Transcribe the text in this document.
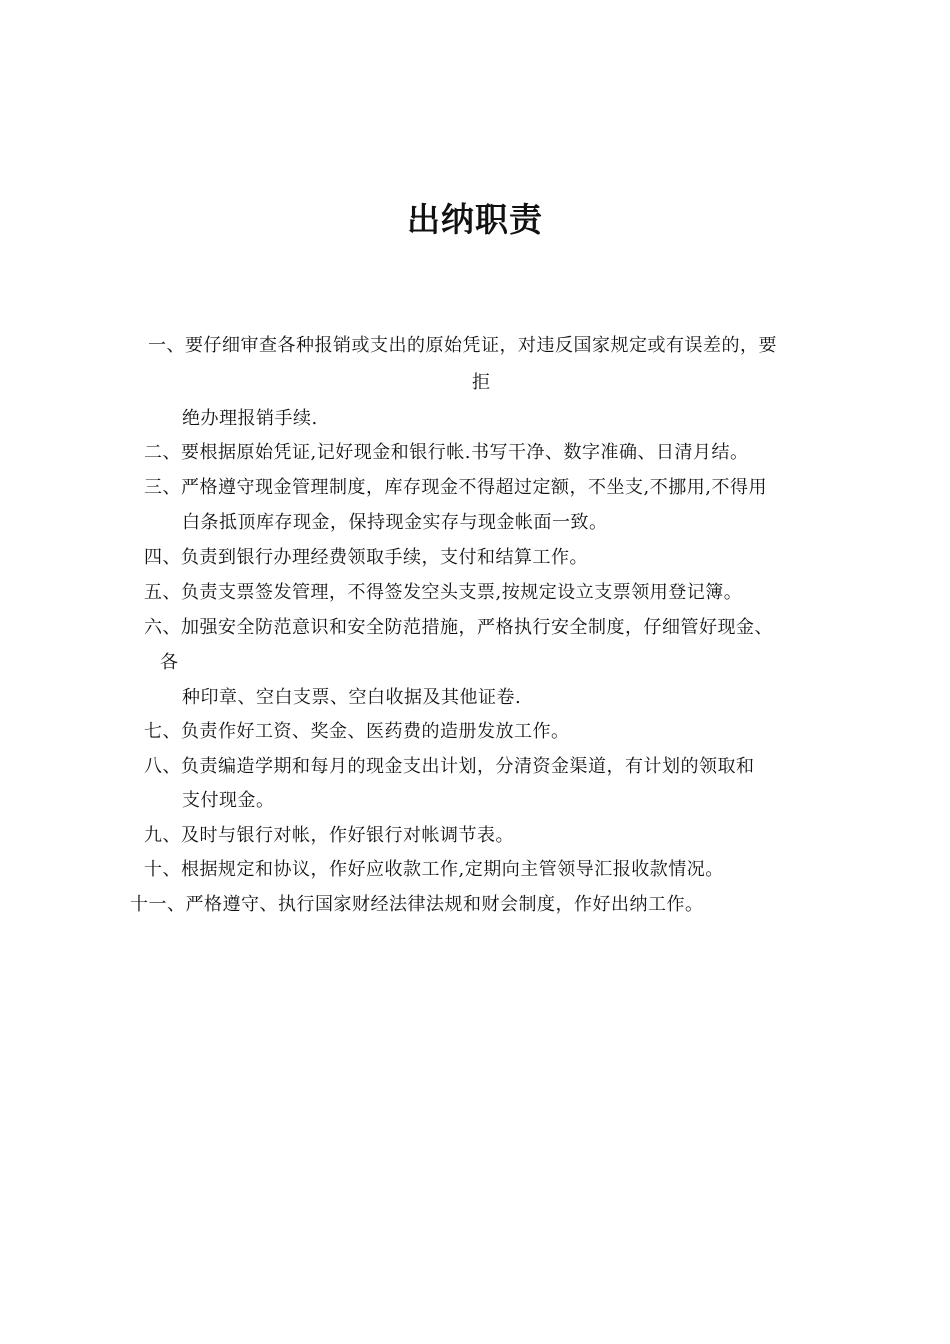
出纳职责
一、要仔细审查各种报销或支出的原始凭证，对违反国家规定或有误差的，要
拒
绝办理报销手续.
二、要根据原始凭证,记好现金和银行帐.书写干净、数字准确、日清月结。
三、严格遵守现金管理制度，库存现金不得超过定额，不坐支,不挪用,不得用
白条抵顶库存现金，保持现金实存与现金帐面一致。
四、负责到银行办理经费领取手续，支付和结算工作。
五、负责支票签发管理，不得签发空头支票,按规定设立支票领用登记簿。
六、加强安全防范意识和安全防范措施，严格执行安全制度，仔细管好现金、
各
种印章、空白支票、空白收据及其他证卷.
七、负责作好工资、奖金、医药费的造册发放工作。
八、负责编造学期和每月的现金支出计划，分清资金渠道，有计划的领取和
支付现金。
九、及时与银行对帐，作好银行对帐调节表。
十、根据规定和协议，作好应收款工作,定期向主管领导汇报收款情况。
十一、严格遵守、执行国家财经法律法规和财会制度，作好出纳工作。
